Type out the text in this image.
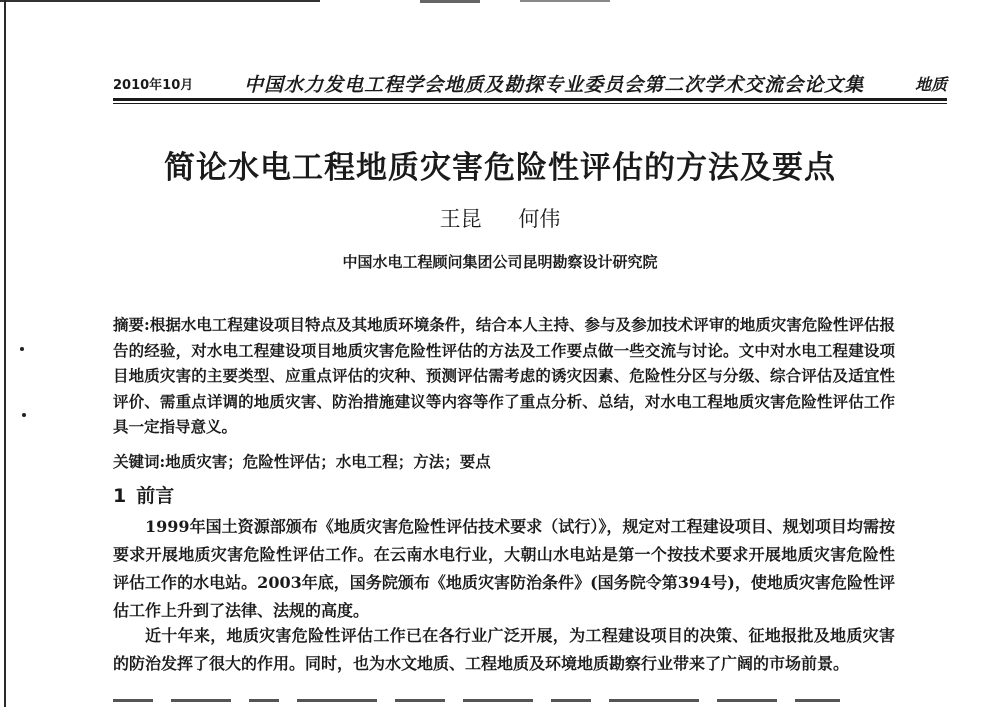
2010年10月	中国水力发电工程学会地质及勘探专业委员会第二次学术交流会论文集	地质
简论水电工程地质灾害危险性评估的方法及要点
王昆 何伟
中国水电工程顾问集团公司昆明勘察设计研究院
摘要:根据水电工程建设项目特点及其地质环境条件，结合本人主持、参与及参加技术评审的地质灾害危险性评估报告的经验，对水电工程建设项目地质灾害危险性评估的方法及工作要点做一些交流与讨论。文中对水电工程建设项目地质灾害的主要类型、应重点评估的灾种、预测评估需考虑的诱灾因素、危险性分区与分级、综合评估及适宜性评价、需重点详调的地质灾害、防治措施建议等内容等作了重点分析、总结，对水电工程地质灾害危险性评估工作具一定指导意义。
关键词:地质灾害；危险性评估；水电工程；方法；要点
1 前言
1999年国土资源部颁布《地质灾害危险性评估技术要求（试行）》，规定对工程建设项目、规划项目均需按要求开展地质灾害危险性评估工作。在云南水电行业，大朝山水电站是第一个按技术要求开展地质灾害危险性评估工作的水电站。2003年底，国务院颁布《地质灾害防治条件》(国务院令第394号)，使地质灾害危险性评估工作上升到了法律、法规的高度。
近十年来，地质灾害危险性评估工作已在各行业广泛开展，为工程建设项目的决策、征地报批及地质灾害的防治发挥了很大的作用。同时，也为水文地质、工程地质及环境地质勘察行业带来了广阔的市场前景。
